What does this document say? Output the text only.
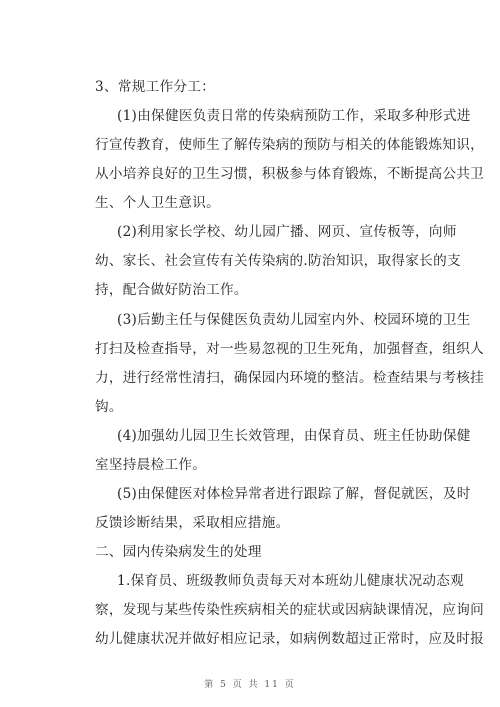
3、常规工作分工：
(1)由保健医负责日常的传染病预防工作，采取多种形式进
行宣传教育，使师生了解传染病的预防与相关的体能锻炼知识，
从小培养良好的卫生习惯，积极参与体育锻炼，不断提高公共卫
生、个人卫生意识。
(2)利用家长学校、幼儿园广播、网页、宣传板等，向师
幼、家长、社会宣传有关传染病的.防治知识，取得家长的支
持，配合做好防治工作。
(3)后勤主任与保健医负责幼儿园室内外、校园环境的卫生
打扫及检查指导，对一些易忽视的卫生死角，加强督查，组织人
力，进行经常性清扫，确保园内环境的整洁。检查结果与考核挂
钩。
(4)加强幼儿园卫生长效管理，由保育员、班主任协助保健
室坚持晨检工作。
(5)由保健医对体检异常者进行跟踪了解，督促就医，及时
反馈诊断结果，采取相应措施。
二、园内传染病发生的处理
1.保育员、班级教师负责每天对本班幼儿健康状况动态观
察，发现与某些传染性疾病相关的症状或因病缺课情况，应询问
幼儿健康状况并做好相应记录，如病例数超过正常时，应及时报
第 5 页 共 11 页
